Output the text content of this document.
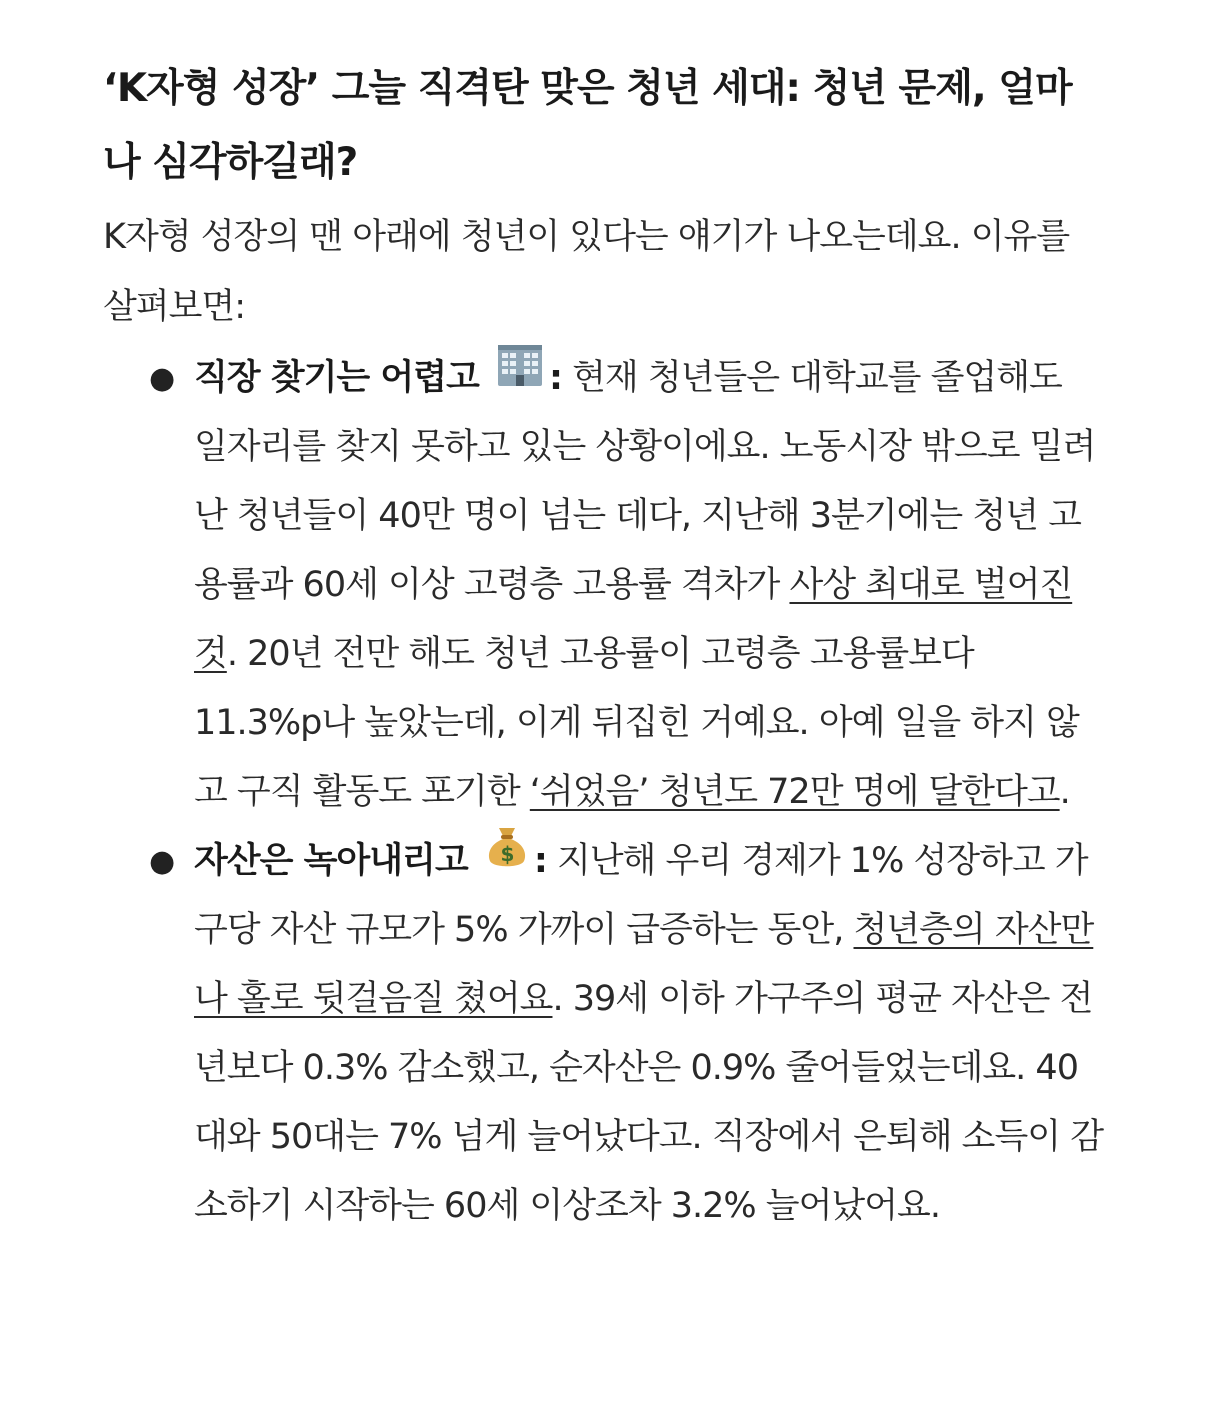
‘K자형 성장’ 그늘 직격탄 맞은 청년 세대: 청년 문제, 얼마나 심각하길래?

K자형 성장의 맨 아래에 청년이 있다는 얘기가 나오는데요. 이유를 살펴보면:

● 직장 찾기는 어렵고 : 현재 청년들은 대학교를 졸업해도 일자리를 찾지 못하고 있는 상황이에요. 노동시장 밖으로 밀려난 청년들이 40만 명이 넘는 데다, 지난해 3분기에는 청년 고용률과 60세 이상 고령층 고용률 격차가 사상 최대로 벌어진 것. 20년 전만 해도 청년 고용률이 고령층 고용률보다 11.3%p나 높았는데, 이게 뒤집힌 거예요. 아예 일을 하지 않고 구직 활동도 포기한 ‘쉬었음’ 청년도 72만 명에 달한다고.
● 자산은 녹아내리고 $ : 지난해 우리 경제가 1% 성장하고 가구당 자산 규모가 5% 가까이 급증하는 동안, 청년층의 자산만 나 홀로 뒷걸음질 쳤어요. 39세 이하 가구주의 평균 자산은 전년보다 0.3% 감소했고, 순자산은 0.9% 줄어들었는데요. 40대와 50대는 7% 넘게 늘어났다고. 직장에서 은퇴해 소득이 감소하기 시작하는 60세 이상조차 3.2% 늘어났어요.
